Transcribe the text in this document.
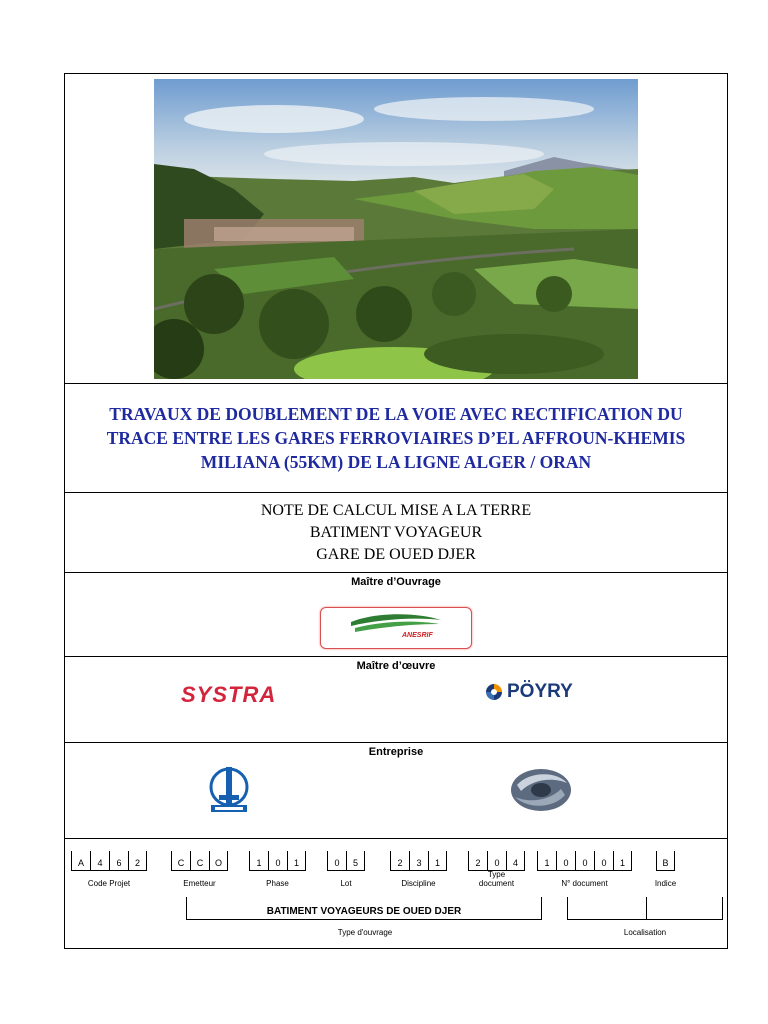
TRAVAUX DE DOUBLEMENT DE LA VOIE AVEC RECTIFICATION DU TRACE ENTRE LES GARES FERROVIAIRES D’EL AFFROUN-KHEMIS MILIANA (55KM) DE LA LIGNE ALGER / ORAN
NOTE DE CALCUL MISE A LA TERRE
BATIMENT VOYAGEUR
GARE DE OUED DJER
Maître d’Ouvrage
ANESRIF
Maître d’œuvre
SYSTRA	PÖYRY
Entreprise
A	4	6	2
Code Projet
C	C	O
Emetteur
1	0	1
Phase
0	5
Lot
2	3	1
Discipline
2	0	4
Type document
1	0	0	0	1
N° document
B
Indice
BATIMENT VOYAGEURS DE OUED DJER
Type d'ouvrage	Localisation
